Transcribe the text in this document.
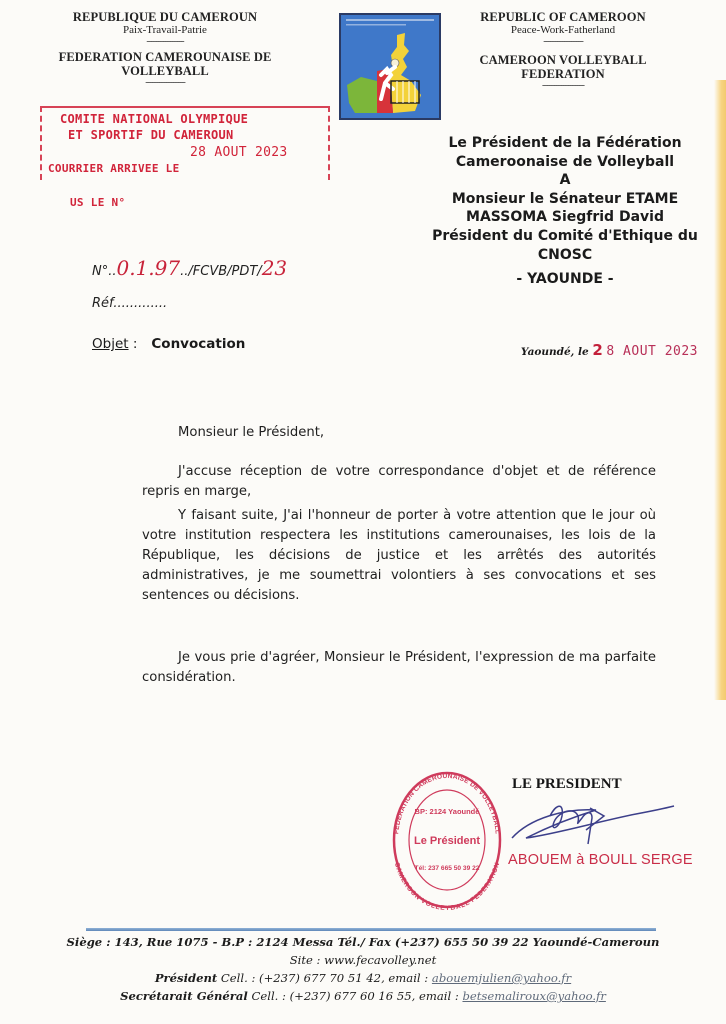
REPUBLIQUE DU CAMEROUN
Paix-Travail-Patrie
----------------
FEDERATION CAMEROUNAISE DE
VOLLEYBALL
-----------------
REPUBLIC OF CAMEROON
Peace-Work-Fatherland
-----------------
CAMEROON VOLLEYBALL
FEDERATION
------------------
COMITE NATIONAL OLYMPIQUE
ET SPORTIF DU CAMEROUN
28 AOUT 2023
COURRIER ARRIVEE LE
US LE N°
Le Président de la Fédération
Cameroonaise de Volleyball
A
Monsieur le Sénateur ETAME
MASSOMA Siegfrid David
Président du Comité d'Ethique du
CNOSC
- YAOUNDE -
N°..0.1.97../FCVB/PDT/23
Réf.............
Objet : Convocation	Yaoundé, le 2 8 AOUT 2023
Monsieur le Président,
J'accuse réception de votre correspondance d'objet et de référence repris en marge,
Y faisant suite, J'ai l'honneur de porter à votre attention que le jour où votre institution respectera les institutions camerounaises, les lois de la République, les décisions de justice et les arrêtés des autorités administratives, je me soumettrai volontiers à ses convocations et ses sentences ou décisions.
Je vous prie d'agréer, Monsieur le Président, l'expression de ma parfaite considération.
FEDERATION CAMEROUNAISE DE VOLLEYBALL
CAMEROON VOLLEYBALL FEDERATION
BP: 2124 Yaoundé
Le Président
Tél: 237 665 50 39 22
LE PRESIDENT
ABOUEM à BOULL SERGE
Siège : 143, Rue 1075 - B.P : 2124 Messa Tél./ Fax (+237) 655 50 39 22 Yaoundé-Cameroun
Site : www.fecavolley.net
Président Cell. : (+237) 677 70 51 42, email : abouemjulien@yahoo.fr
Secrétarait Général Cell. : (+237) 677 60 16 55, email : betsemaliroux@yahoo.fr
